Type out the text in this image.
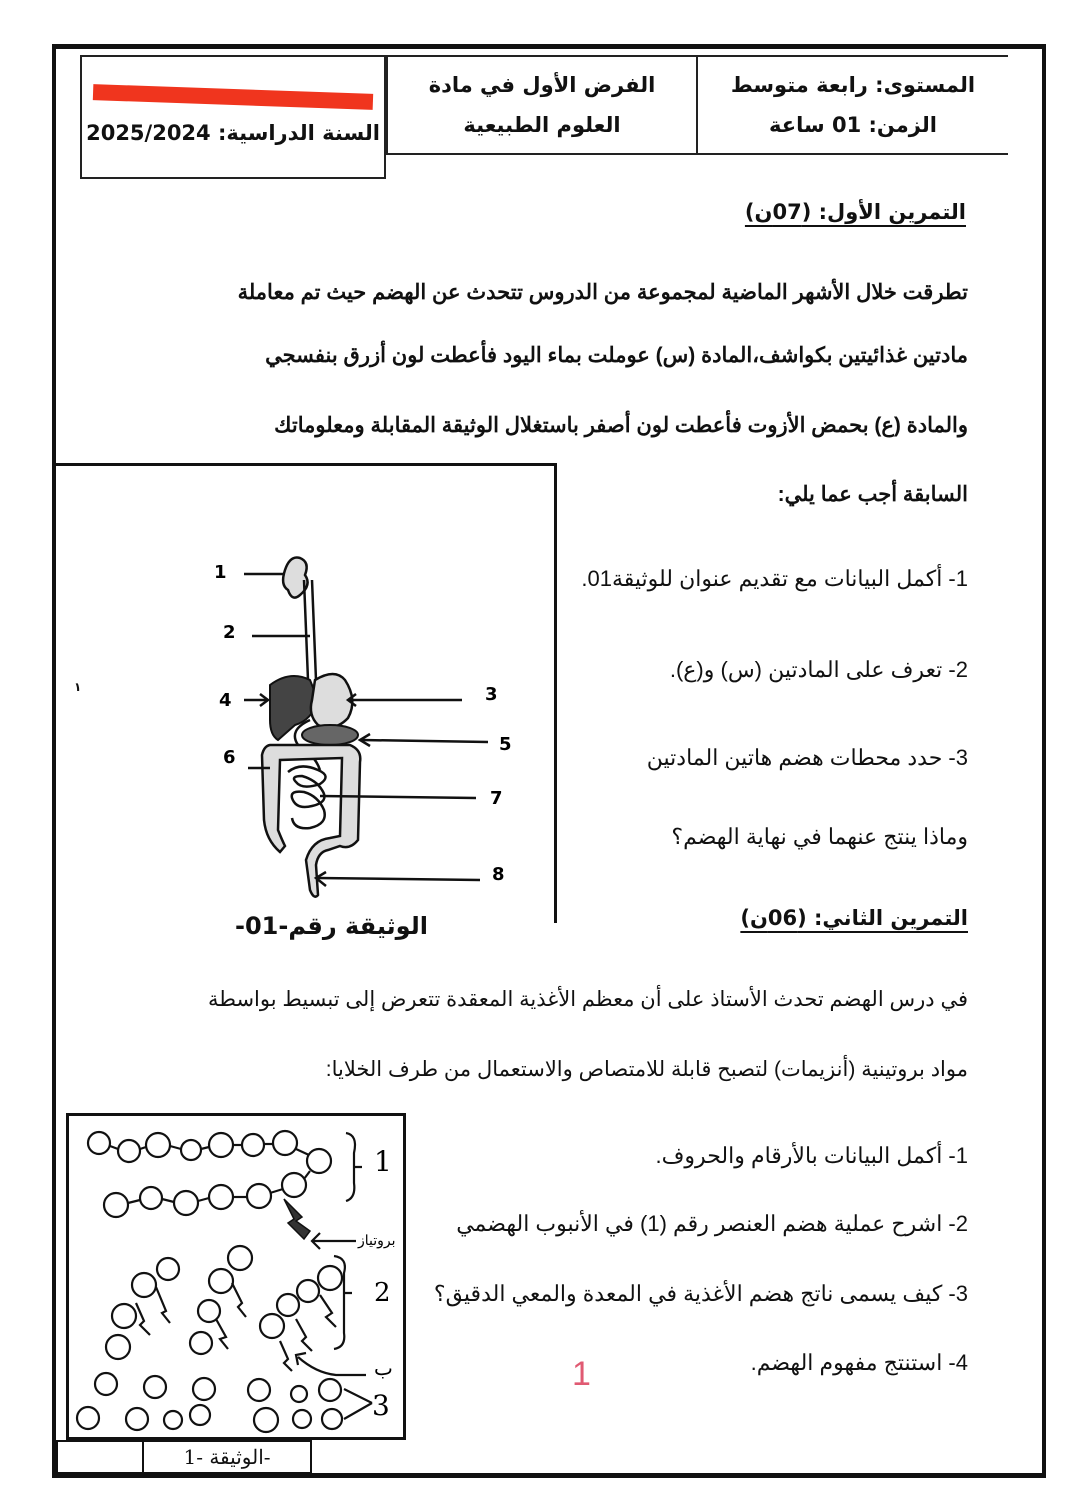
السنة الدراسية: 2025/2024
الفرض الأول في مادة
العلوم الطبيعية
المستوى: رابعة متوسط
الزمن: 01 ساعة
التمرين الأول: (07ن)
تطرقت خلال الأشهر الماضية لمجموعة من الدروس تتحدث عن الهضم حيث تم معاملة
مادتين غذائيتين بكواشف،المادة (س) عوملت بماء اليود فأعطت لون أزرق بنفسجي
والمادة (ع) بحمض الأزوت فأعطت لون أصفر باستغلال الوثيقة المقابلة ومعلوماتك
السابقة أجب عما يلي:
1- أكمل البيانات مع تقديم عنوان للوثيقة01.
2- تعرف على المادتين (س) و(ع).
3- حدد محطات هضم هاتين المادتين
وماذا ينتج عنهما في نهاية الهضم؟
١
1
2
3
4
5
6
7
8
الوثيقة رقم-01-	التمرين الثاني: (06ن)
في درس الهضم تحدث الأستاذ على أن معظم الأغذية المعقدة تتعرض إلى تبسيط بواسطة
مواد بروتينية (أنزيمات) لتصبح قابلة للامتصاص والاستعمال من طرف الخلايا:
1- أكمل البيانات بالأرقام والحروف.
2- اشرح عملية هضم العنصر رقم (1) في الأنبوب الهضمي
3- كيف يسمى ناتج هضم الأغذية في المعدة والمعي الدقيق؟
4- استنتج مفهوم الهضم.
1
1
بروتياز
2
ب
3
-الوثيقة -1
